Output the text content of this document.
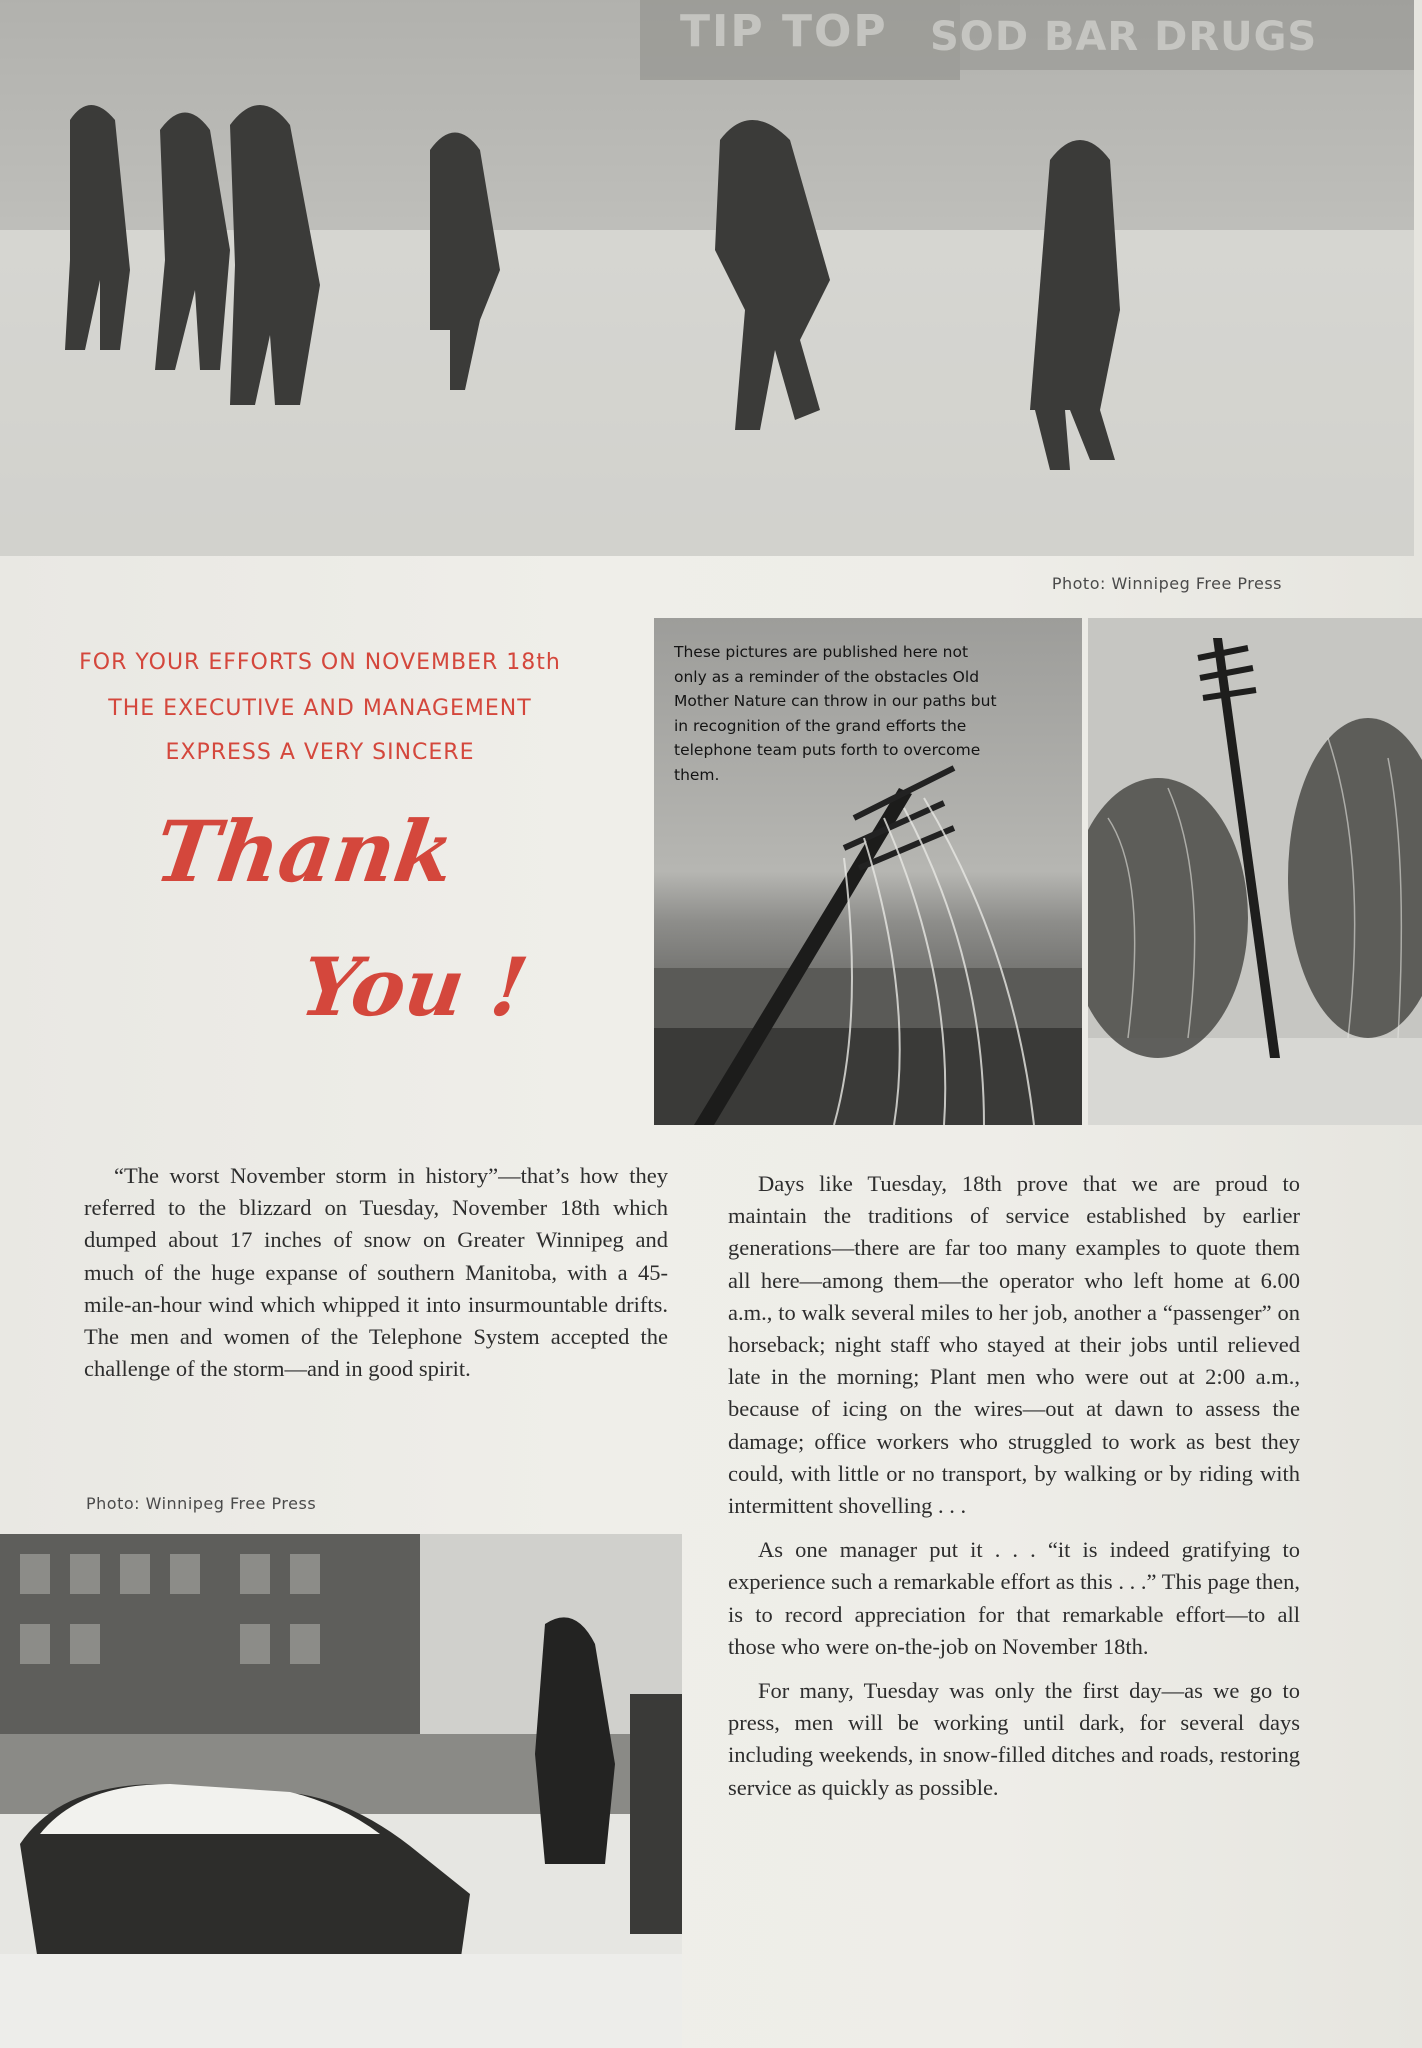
TIP TOP SOD BAR DRUGS
Photo: Winnipeg Free Press
FOR YOUR EFFORTS ON NOVEMBER 18th
THE EXECUTIVE AND MANAGEMENT
EXPRESS A VERY SINCERE
Thank
You !

These pictures are published here not only as a reminder of the obstacles Old Mother Nature can throw in our paths but in recognition of the grand efforts the telephone team puts forth to overcome them.

“The worst November storm in history”—that’s how they referred to the blizzard on Tuesday, November 18th which dumped about 17 inches of snow on Greater Winnipeg and much of the huge expanse of southern Manitoba, with a 45-mile-an-hour wind which whipped it into insurmountable drifts. The men and women of the Telephone System accepted the challenge of the storm—and in good spirit.

Photo: Winnipeg Free Press

Days like Tuesday, 18th prove that we are proud to maintain the traditions of service established by earlier generations—there are far too many examples to quote them all here—among them—the operator who left home at 6.00 a.m., to walk several miles to her job, another a “passenger” on horseback; night staff who stayed at their jobs until relieved late in the morning; Plant men who were out at 2:00 a.m., because of icing on the wires—out at dawn to assess the damage; office workers who struggled to work as best they could, with little or no transport, by walking or by riding with intermittent shovelling . . .

As one manager put it . . . “it is indeed gratifying to experience such a remarkable effort as this . . .” This page then, is to record appreciation for that remarkable effort—to all those who were on-the-job on November 18th.

For many, Tuesday was only the first day—as we go to press, men will be working until dark, for several days including weekends, in snow-filled ditches and roads, restoring service as quickly as possible.
